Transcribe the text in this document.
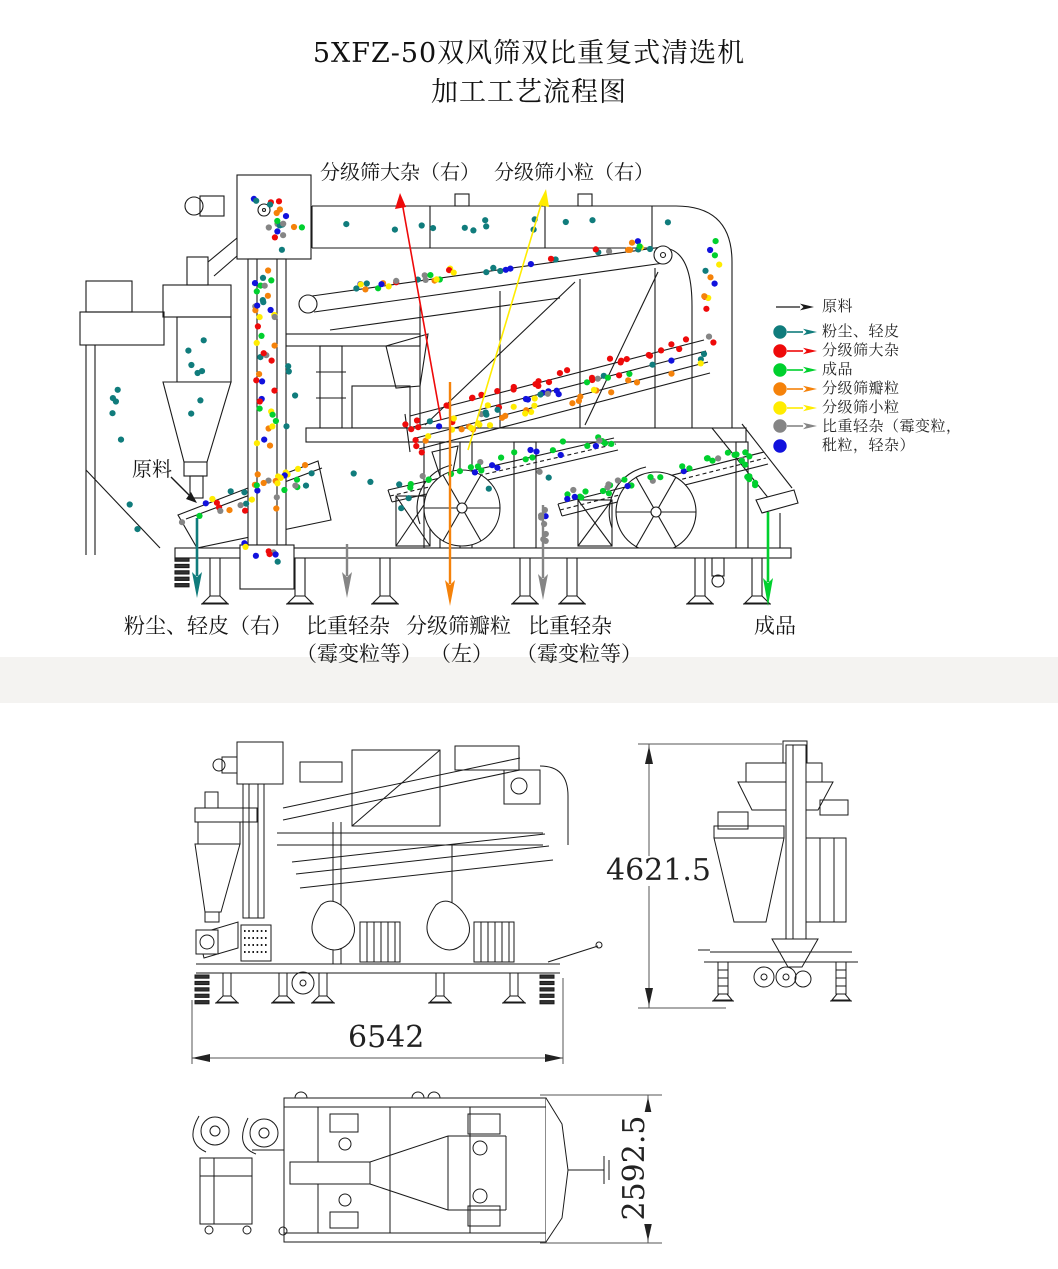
5XFZ-50双风筛双比重复式清选机
加工工艺流程图
分级筛大杂（右） 分级筛小粒（右）
原料
粉尘、轻皮（右） 比重轻杂
（霉变粒等）
分级筛瓣粒
（左）
比重轻杂
（霉变粒等）
成品
原料
粉尘、轻皮
分级筛大杂
成品
分级筛瓣粒
分级筛小粒
比重轻杂（霉变粒，
秕粒，轻杂）
6542
4621.5
2592.5
